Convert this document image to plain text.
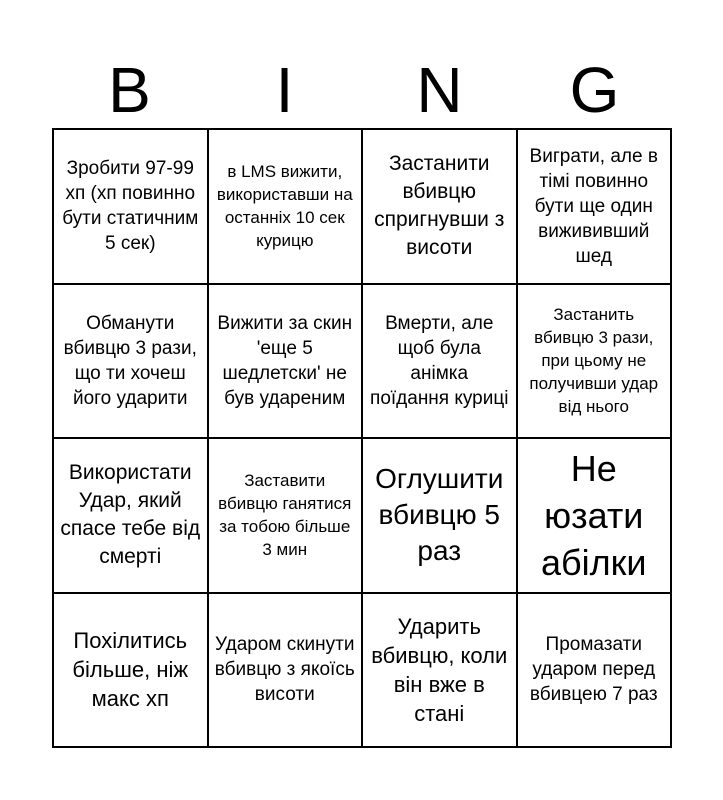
B	I	N	G
Зробити 97-99 хп (хп повинно бути статичним 5 сек)
в LMS вижити, використавши на останніх 10 сек курицю
Застанити вбивцю спригнувши з висоти
Виграти, але в тімі повинно бути ще один вижививший шед
Обманути вбивцю 3 рази, що ти хочеш його ударити
Вижити за скин 'еще 5 шедлетски' не був удареним
Вмерти, але щоб була анімка поїдання курицi
Застанить вбивцю 3 рази, при цьому не получивши удар від нього
Використати Удар, який спасе тебе від смерті
Заставити вбивцю ганятися за тобою більше 3 мин
Оглушити вбивцю 5 раз
Не юзати абілки
Похілитись більше, ніж макс хп
Ударом скинути вбивцю з якоїсь висоти
Ударить вбивцю, коли він вже в стані
Промазати ударом перед вбивцею 7 раз
